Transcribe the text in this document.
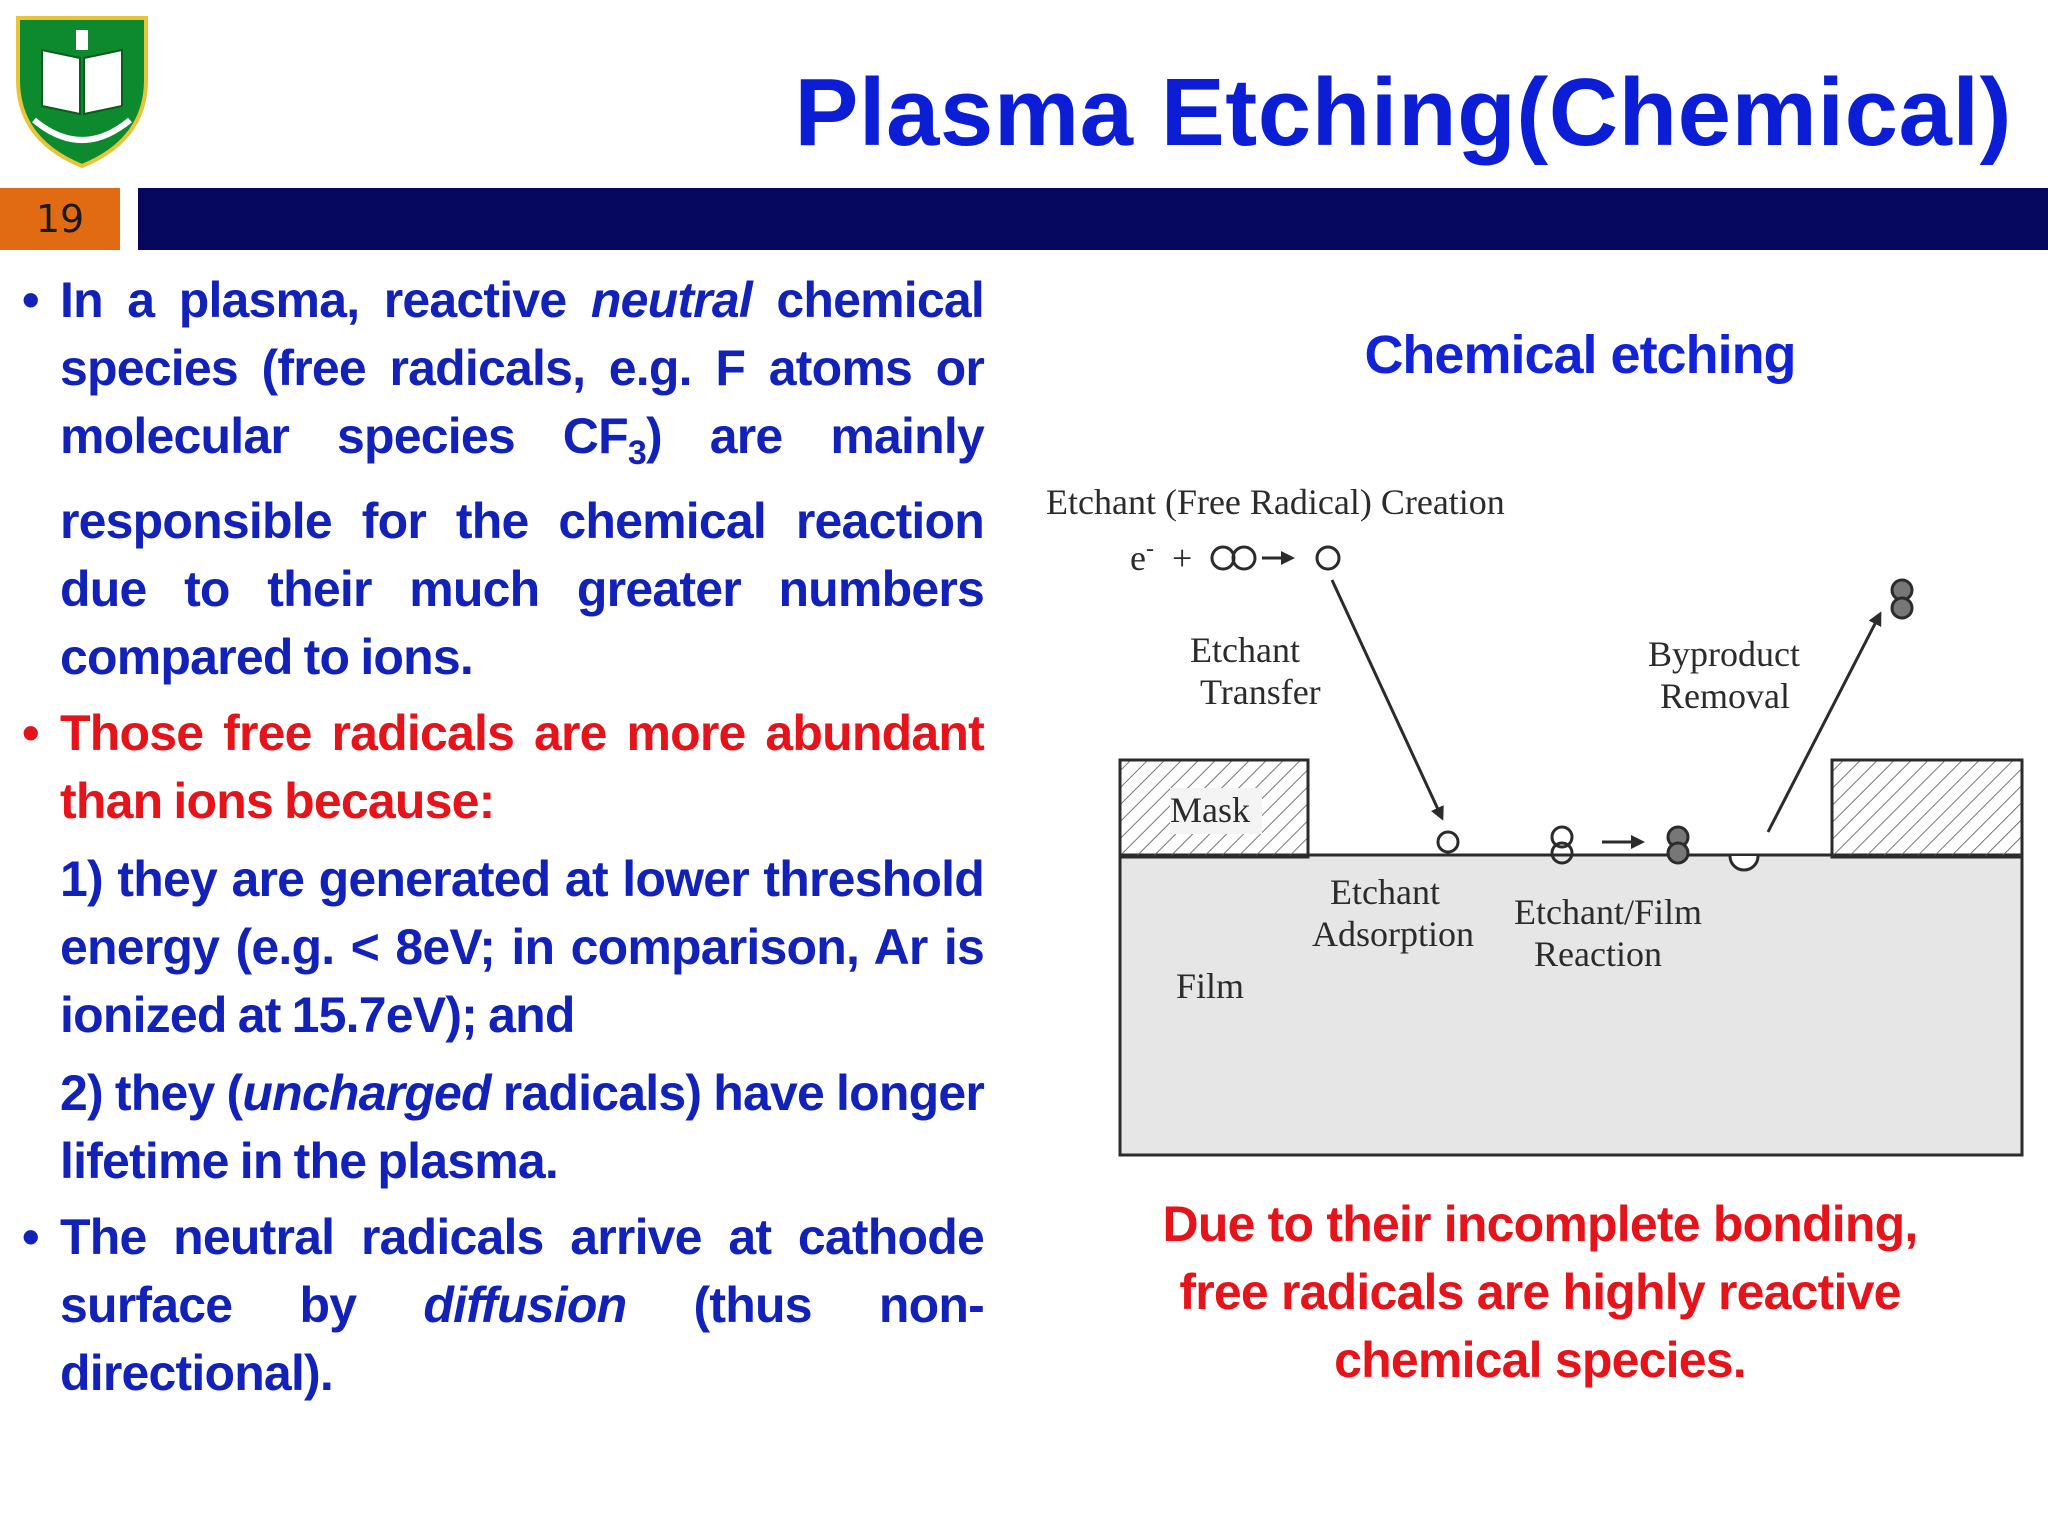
Plasma Etching(Chemical)
19

• In a plasma, reactive neutral chemical species (free radicals, e.g. F atoms or molecular species $CF_3$) are mainly responsible for the chemical reaction due to their much greater numbers compared to ions.

• Those free radicals are more abundant than ions because:

1) they are generated at lower threshold energy (e.g. < 8eV; in comparison, Ar is ionized at 15.7eV); and

2) they (uncharged radicals) have longer lifetime in the plasma.

• The neutral radicals arrive at cathode surface by diffusion (thus non-directional).

Chemical etching
Mask
Etchant (Free Radical) Creation
e- +
Etchant
Transfer
Etchant
Adsorption
Etchant/Film
Reaction
Byproduct
Removal
Film

Due to their incomplete bonding, free radicals are highly reactive chemical species.
